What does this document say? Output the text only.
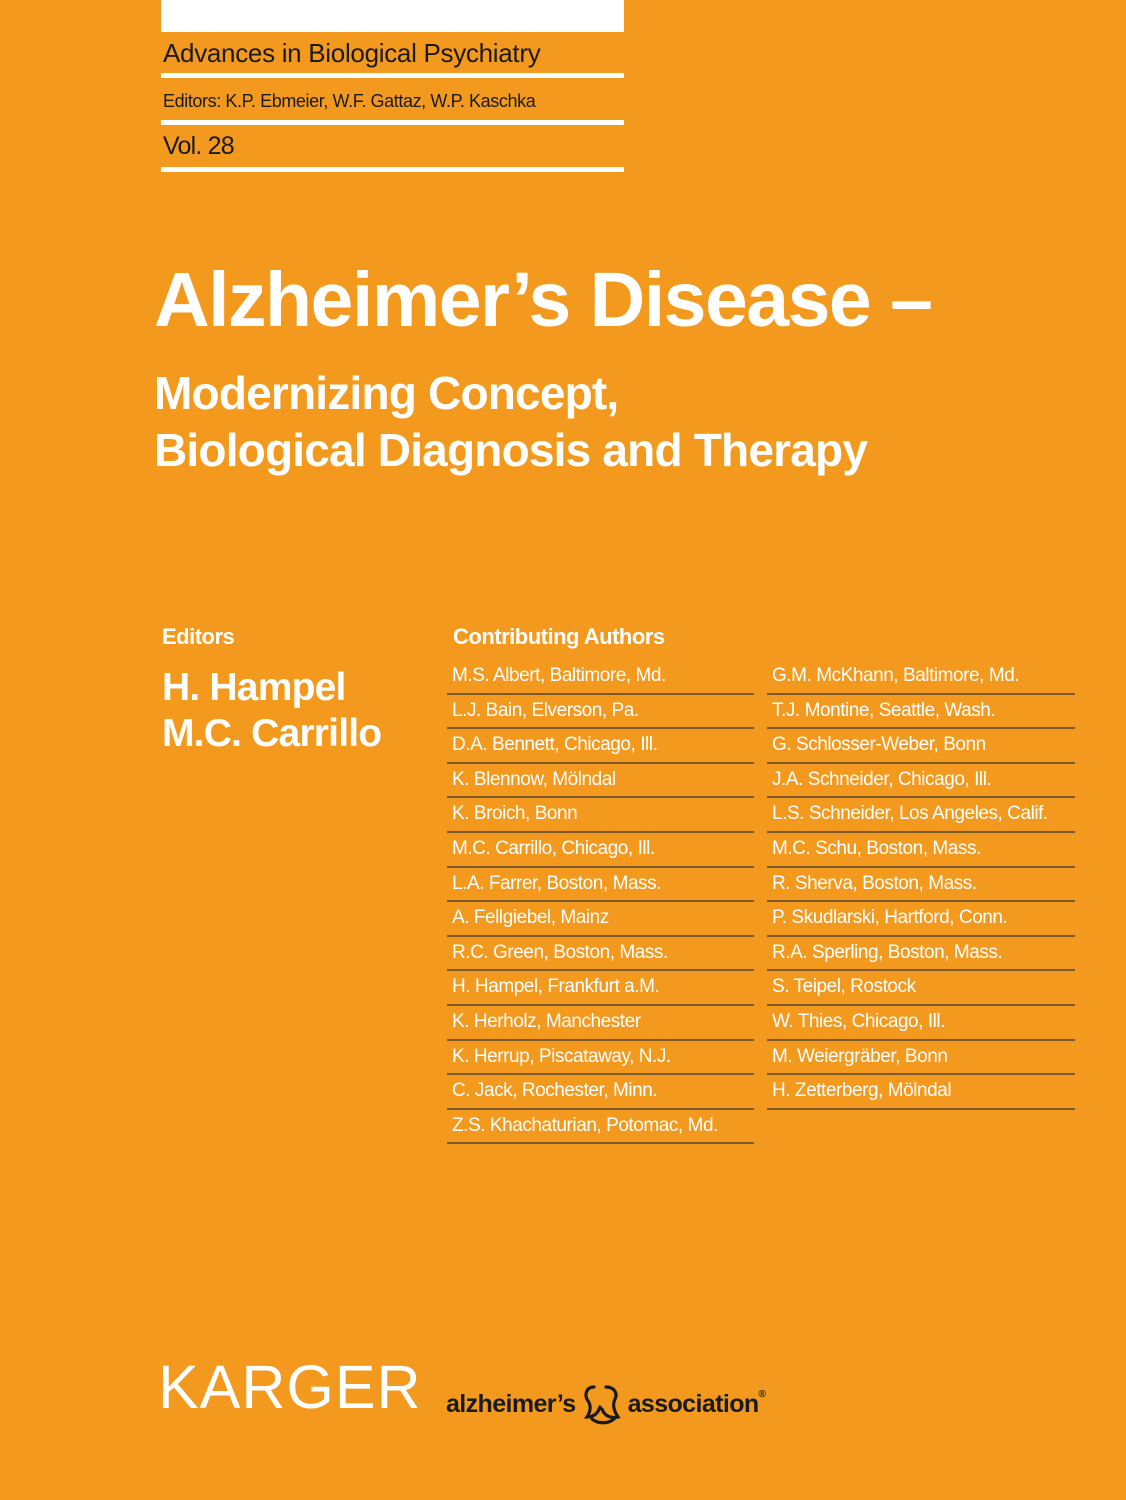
Advances in Biological Psychiatry
Editors: K.P. Ebmeier, W.F. Gattaz, W.P. Kaschka
Vol. 28
Alzheimer’s Disease –
Modernizing Concept,
Biological Diagnosis and Therapy
Editors
H. Hampel
M.C. Carrillo
Contributing Authors
M.S. Albert, Baltimore, Md.
L.J. Bain, Elverson, Pa.
D.A. Bennett, Chicago, Ill.
K. Blennow, Mölndal
K. Broich, Bonn
M.C. Carrillo, Chicago, Ill.
L.A. Farrer, Boston, Mass.
A. Fellgiebel, Mainz
R.C. Green, Boston, Mass.
H. Hampel, Frankfurt a.M.
K. Herholz, Manchester
K. Herrup, Piscataway, N.J.
C. Jack, Rochester, Minn.
Z.S. Khachaturian, Potomac, Md.
G.M. McKhann, Baltimore, Md.
T.J. Montine, Seattle, Wash.
G. Schlosser-Weber, Bonn
J.A. Schneider, Chicago, Ill.
L.S. Schneider, Los Angeles, Calif.
M.C. Schu, Boston, Mass.
R. Sherva, Boston, Mass.
P. Skudlarski, Hartford, Conn.
R.A. Sperling, Boston, Mass.
S. Teipel, Rostock
W. Thies, Chicago, Ill.
M. Weiergräber, Bonn
H. Zetterberg, Mölndal
KARGER alzheimer’s association ®
